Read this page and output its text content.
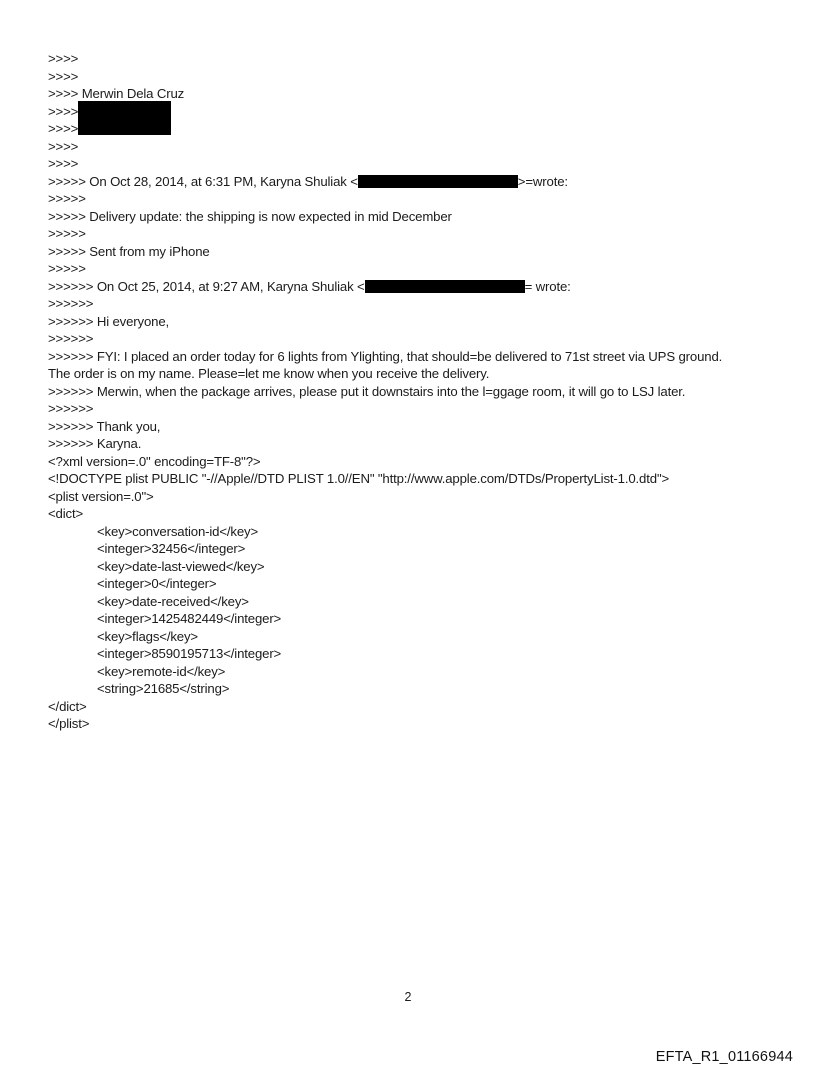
>>>>
>>>>
>>>> Merwin Dela Cruz
>>>>
>>>>
>>>>
>>>>
>>>>> On Oct 28, 2014, at 6:31 PM, Karyna Shuliak <	>=wrote:
>>>>>
>>>>> Delivery update: the shipping is now expected in mid December
>>>>>
>>>>> Sent from my iPhone
>>>>>
>>>>>> On Oct 25, 2014, at 9:27 AM, Karyna Shuliak <	= wrote:
>>>>>>
>>>>>> Hi everyone,
>>>>>>
>>>>>> FYI: I placed an order today for 6 lights from Ylighting, that should=be delivered to 71st street via UPS ground.
The order is on my name. Please=let me know when you receive the delivery.
>>>>>> Merwin, when the package arrives, please put it downstairs into the l=ggage room, it will go to LSJ later.
>>>>>>
>>>>>> Thank you,
>>>>>> Karyna.
<?xml version=.0" encoding=TF-8"?>
<!DOCTYPE plist PUBLIC "-//Apple//DTD PLIST 1.0//EN" "http://www.apple.com/DTDs/PropertyList-1.0.dtd">
<plist version=.0">
<dict>
<key>conversation-id</key>
<integer>32456</integer>
<key>date-last-viewed</key>
<integer>0</integer>
<key>date-received</key>
<integer>1425482449</integer>
<key>flags</key>
<integer>8590195713</integer>
<key>remote-id</key>
<string>21685</string>
</dict>
</plist>
2
EFTA_R1_01166944
